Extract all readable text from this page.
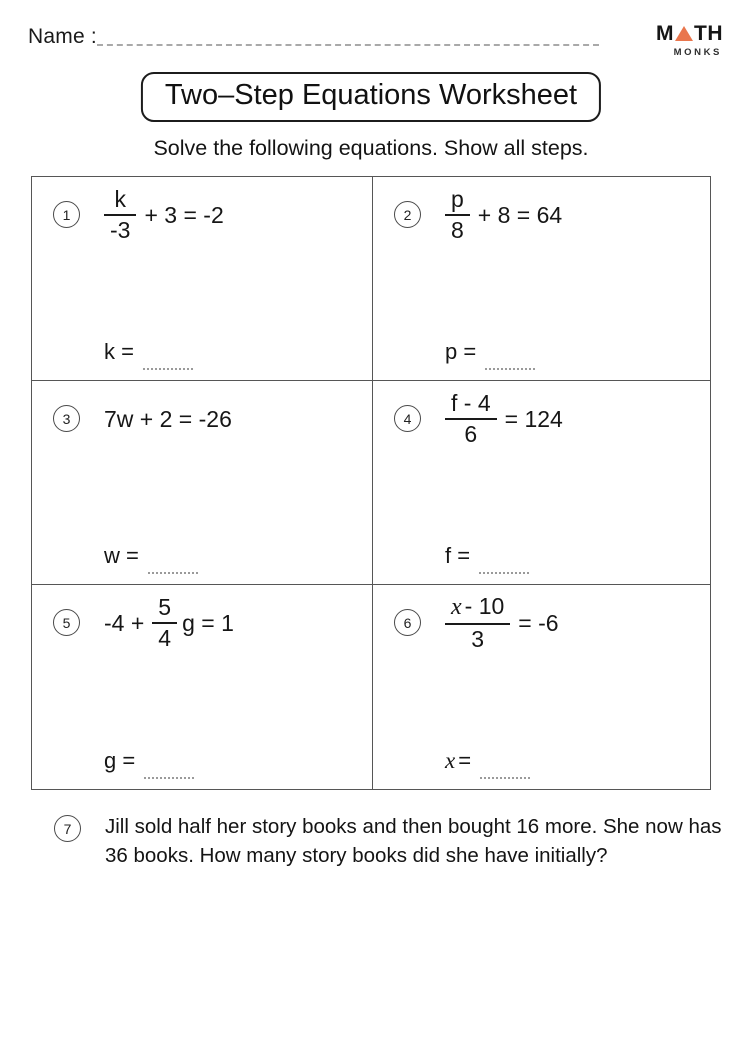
Name :	M TH
MONKS
Two–Step Equations Worksheet
Solve the following equations. Show all steps.
1	$\frac{k}{-3} + 3 = -2$
k =
2	$\frac{p}{8} + 8 = 64$
p =
3	7w + 2 = -26
w =
4	$\frac{f - 4}{6} = 124$
f =
5	$-4 + \frac{5}{4}$ g = 1
g =
6	$\frac{x - 10}{3} = -6$
x =
7	Jill sold half her story books and then bought 16 more. She now has 36 books. How many story books did she have initially?
